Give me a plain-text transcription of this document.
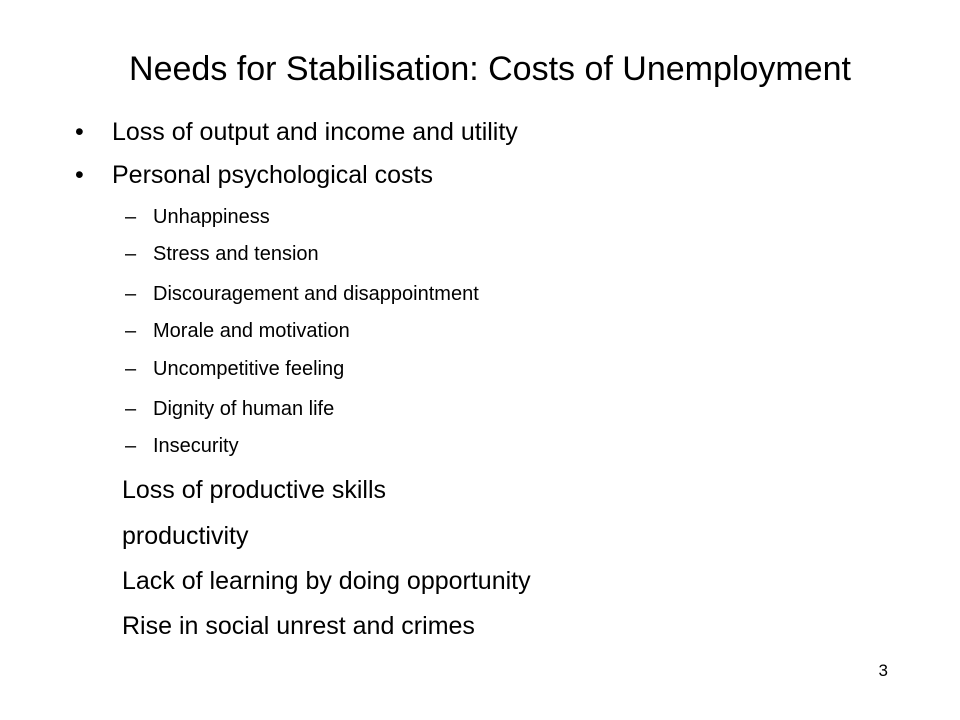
Needs for Stabilisation: Costs of Unemployment
• Loss of output and income and utility
• Personal psychological costs
– Unhappiness
– Stress and tension
– Discouragement and disappointment
– Morale and motivation
– Uncompetitive feeling
– Dignity of human life
– Insecurity
Loss of productive skills
productivity
Lack of learning by doing opportunity
Rise in social unrest and crimes
3
